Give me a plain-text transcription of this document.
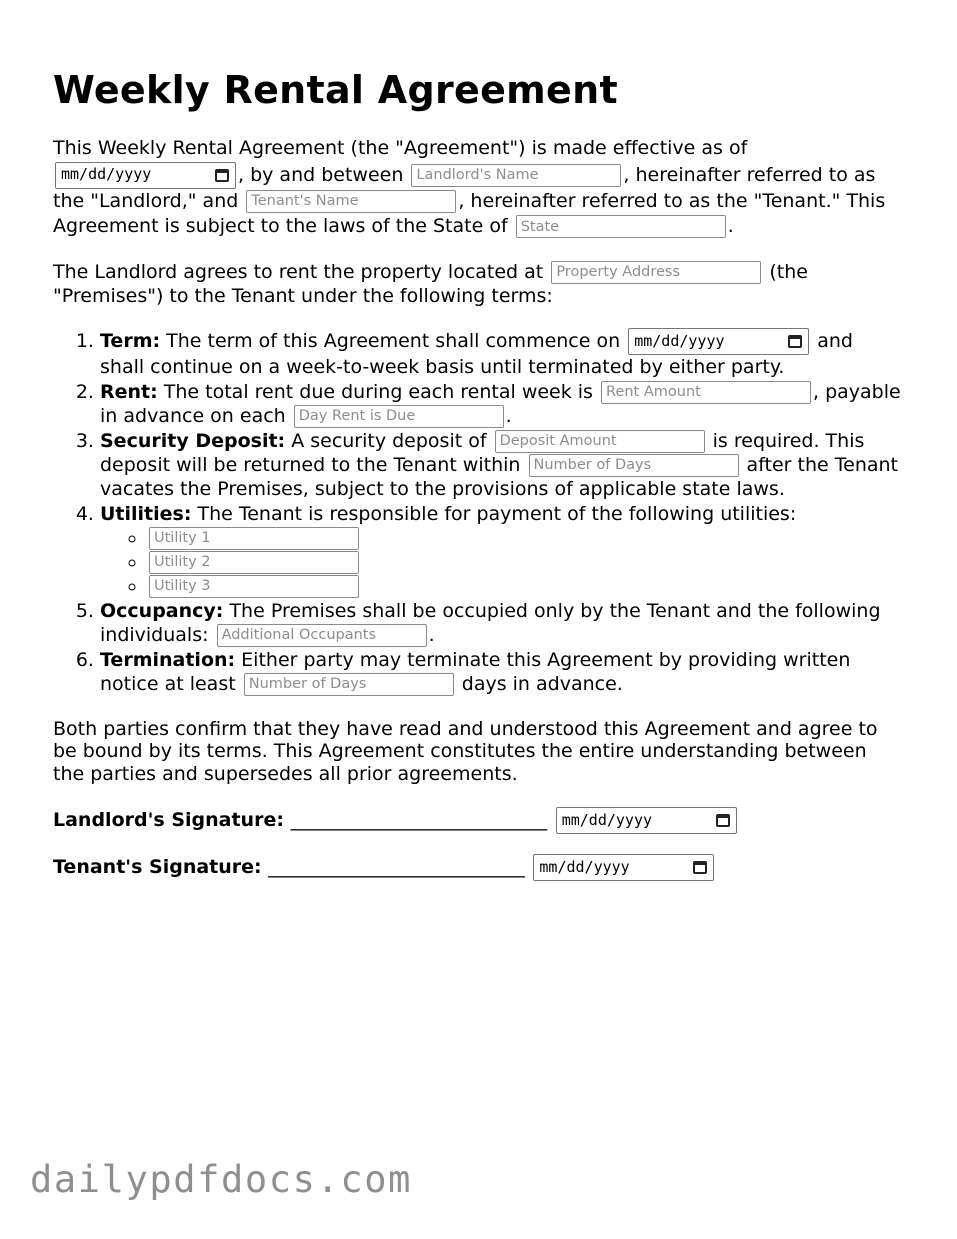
Weekly Rental Agreement

This Weekly Rental Agreement (the "Agreement") is made effective as of

mm/dd/yyyy	, by and between Landlord's Name	, hereinafter referred to as the "Landlord," and Tenant's Name	, hereinafter referred to as the "Tenant." This Agreement is subject to the laws of the State of State	.

The Landlord agrees to rent the property located at Property Address	(the "Premises") to the Tenant under the following terms:

1. Term: The term of this Agreement shall commence on mm/dd/yyyy	and shall continue on a week-to-week basis until terminated by either party.
2. Rent: The total rent due during each rental week is Rent Amount	, payable in advance on each Day Rent is Due	.
3. Security Deposit: A security deposit of Deposit Amount	is required. This deposit will be returned to the Tenant within Number of Days	after the Tenant vacates the Premises, subject to the provisions of applicable state laws.
4. Utilities: The Tenant is responsible for payment of the following utilities:
◦ Utility 1
◦ Utility 2
◦ Utility 3
5. Occupancy: The Premises shall be occupied only by the Tenant and the following individuals: Additional Occupants	.
6. Termination: Either party may terminate this Agreement by providing written notice at least Number of Days	days in advance.

Both parties confirm that they have read and understood this Agreement and agree to be bound by its terms. This Agreement constitutes the entire understanding between the parties and supersedes all prior agreements.

Landlord's Signature:
___________________________
mm/dd/yyyy
Tenant's Signature:
___________________________
mm/dd/yyyy
dailypdfdocs.com
